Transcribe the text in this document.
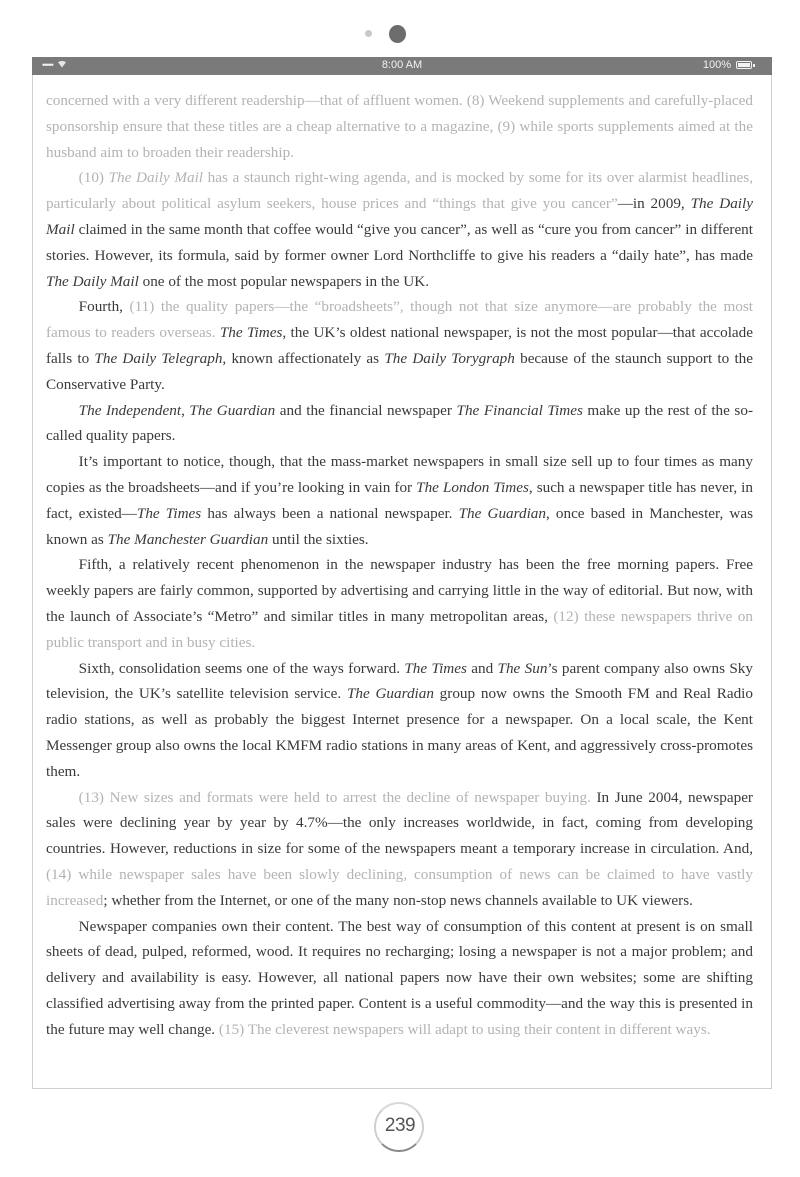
•••••	8:00 AM	100%

concerned with a very different readership—that of affluent women. (8) Weekend supplements and carefully-placed sponsorship ensure that these titles are a cheap alternative to a magazine, (9) while sports supplements aimed at the husband aim to broaden their readership.

(10) The Daily Mail has a staunch right-wing agenda, and is mocked by some for its over alarmist headlines, particularly about political asylum seekers, house prices and “things that give you cancer”—in 2009, The Daily Mail claimed in the same month that coffee would “give you cancer”, as well as “cure you from cancer” in different stories. However, its formula, said by former owner Lord Northcliffe to give his readers a “daily hate”, has made The Daily Mail one of the most popular newspapers in the UK.

Fourth, (11) the quality papers—the “broadsheets”, though not that size anymore—are probably the most famous to readers overseas. The Times, the UK’s oldest national newspaper, is not the most popular—that accolade falls to The Daily Telegraph, known affectionately as The Daily Torygraph because of the staunch support to the Conservative Party.

The Independent, The Guardian and the financial newspaper The Financial Times make up the rest of the so-called quality papers.

It’s important to notice, though, that the mass-market newspapers in small size sell up to four times as many copies as the broadsheets—and if you’re looking in vain for The London Times, such a newspaper title has never, in fact, existed—The Times has always been a national newspaper. The Guardian, once based in Manchester, was known as The Manchester Guardian until the sixties.

Fifth, a relatively recent phenomenon in the newspaper industry has been the free morning papers. Free weekly papers are fairly common, supported by advertising and carrying little in the way of editorial. But now, with the launch of Associate’s “Metro” and similar titles in many metropolitan areas, (12) these newspapers thrive on public transport and in busy cities.

Sixth, consolidation seems one of the ways forward. The Times and The Sun’s parent company also owns Sky television, the UK’s satellite television service. The Guardian group now owns the Smooth FM and Real Radio radio stations, as well as probably the biggest Internet presence for a newspaper. On a local scale, the Kent Messenger group also owns the local KMFM radio stations in many areas of Kent, and aggressively cross-promotes them.

(13) New sizes and formats were held to arrest the decline of newspaper buying. In June 2004, newspaper sales were declining year by year by 4.7%—the only increases worldwide, in fact, coming from developing countries. However, reductions in size for some of the newspapers meant a temporary increase in circulation. And, (14) while newspaper sales have been slowly declining, consumption of news can be claimed to have vastly increased; whether from the Internet, or one of the many non-stop news channels available to UK viewers.

Newspaper companies own their content. The best way of consumption of this content at present is on small sheets of dead, pulped, reformed, wood. It requires no recharging; losing a newspaper is not a major problem; and delivery and availability is easy. However, all national papers now have their own websites; some are shifting classified advertising away from the printed paper. Content is a useful commodity—and the way this is presented in the future may well change. (15) The cleverest newspapers will adapt to using their content in different ways.

239
